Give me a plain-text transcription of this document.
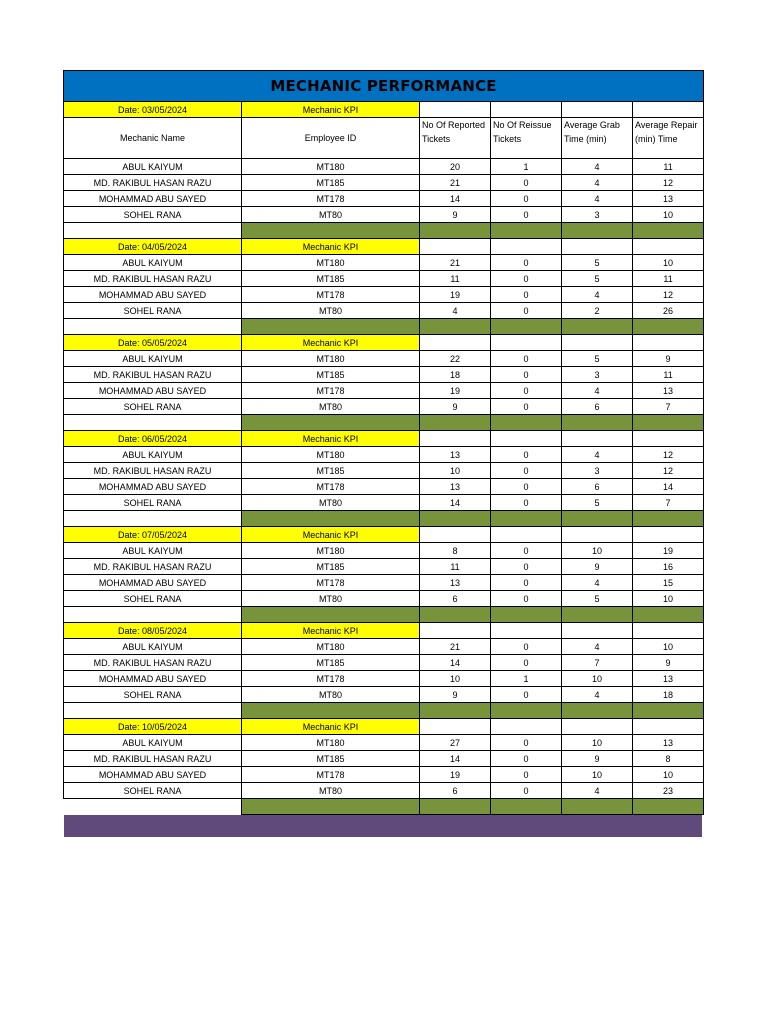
MECHANIC PERFORMANCE					
Date: 03/05/2024	Mechanic KPI				
Mechanic Name	Employee ID	No Of Reported Tickets	No Of Reissue Tickets	Average Grab Time (min)	Average Repair (min) Time
ABUL KAIYUM	MT180	20	1	4	11
MD. RAKIBUL HASAN RAZU	MT185	21	0	4	12
MOHAMMAD ABU SAYED	MT178	14	0	4	13
SOHEL RANA	MT80	9	0	3	10

Date: 04/05/2024	Mechanic KPI				
ABUL KAIYUM	MT180	21	0	5	10
MD. RAKIBUL HASAN RAZU	MT185	11	0	5	11
MOHAMMAD ABU SAYED	MT178	19	0	4	12
SOHEL RANA	MT80	4	0	2	26

Date: 05/05/2024	Mechanic KPI				
ABUL KAIYUM	MT180	22	0	5	9
MD. RAKIBUL HASAN RAZU	MT185	18	0	3	11
MOHAMMAD ABU SAYED	MT178	19	0	4	13
SOHEL RANA	MT80	9	0	6	7

Date: 06/05/2024	Mechanic KPI				
ABUL KAIYUM	MT180	13	0	4	12
MD. RAKIBUL HASAN RAZU	MT185	10	0	3	12
MOHAMMAD ABU SAYED	MT178	13	0	6	14
SOHEL RANA	MT80	14	0	5	7

Date: 07/05/2024	Mechanic KPI				
ABUL KAIYUM	MT180	8	0	10	19
MD. RAKIBUL HASAN RAZU	MT185	11	0	9	16
MOHAMMAD ABU SAYED	MT178	13	0	4	15
SOHEL RANA	MT80	6	0	5	10

Date: 08/05/2024	Mechanic KPI				
ABUL KAIYUM	MT180	21	0	4	10
MD. RAKIBUL HASAN RAZU	MT185	14	0	7	9
MOHAMMAD ABU SAYED	MT178	10	1	10	13
SOHEL RANA	MT80	9	0	4	18

Date: 10/05/2024	Mechanic KPI				
ABUL KAIYUM	MT180	27	0	10	13
MD. RAKIBUL HASAN RAZU	MT185	14	0	9	8
MOHAMMAD ABU SAYED	MT178	19	0	10	10
SOHEL RANA	MT80	6	0	4	23
